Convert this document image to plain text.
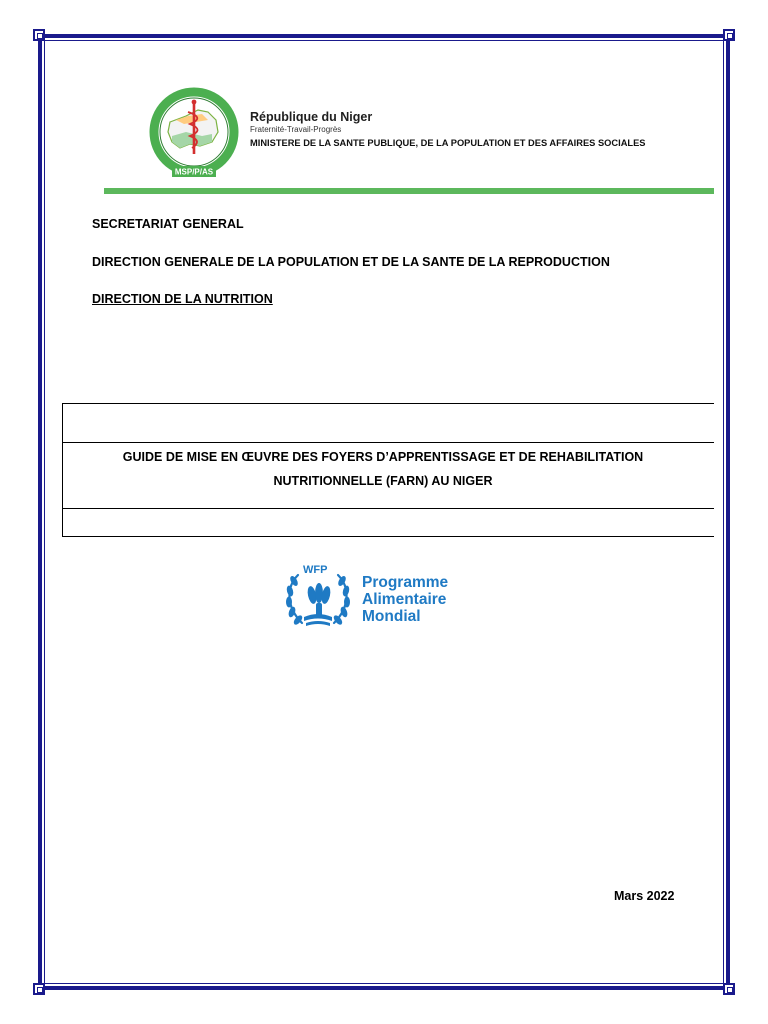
MSP/P/AS
République du Niger
Fraternité-Travail-Progrès
MINISTERE DE LA SANTE PUBLIQUE, DE LA POPULATION ET DES AFFAIRES SOCIALES
SECRETARIAT GENERAL
DIRECTION GENERALE DE LA POPULATION ET DE LA SANTE DE LA REPRODUCTION
DIRECTION DE LA NUTRITION
GUIDE DE MISE EN ŒUVRE DES FOYERS D’APPRENTISSAGE ET DE REHABILITATION
NUTRITIONNELLE (FARN) AU NIGER
WFP
Programme
Alimentaire
Mondial
Mars 2022
